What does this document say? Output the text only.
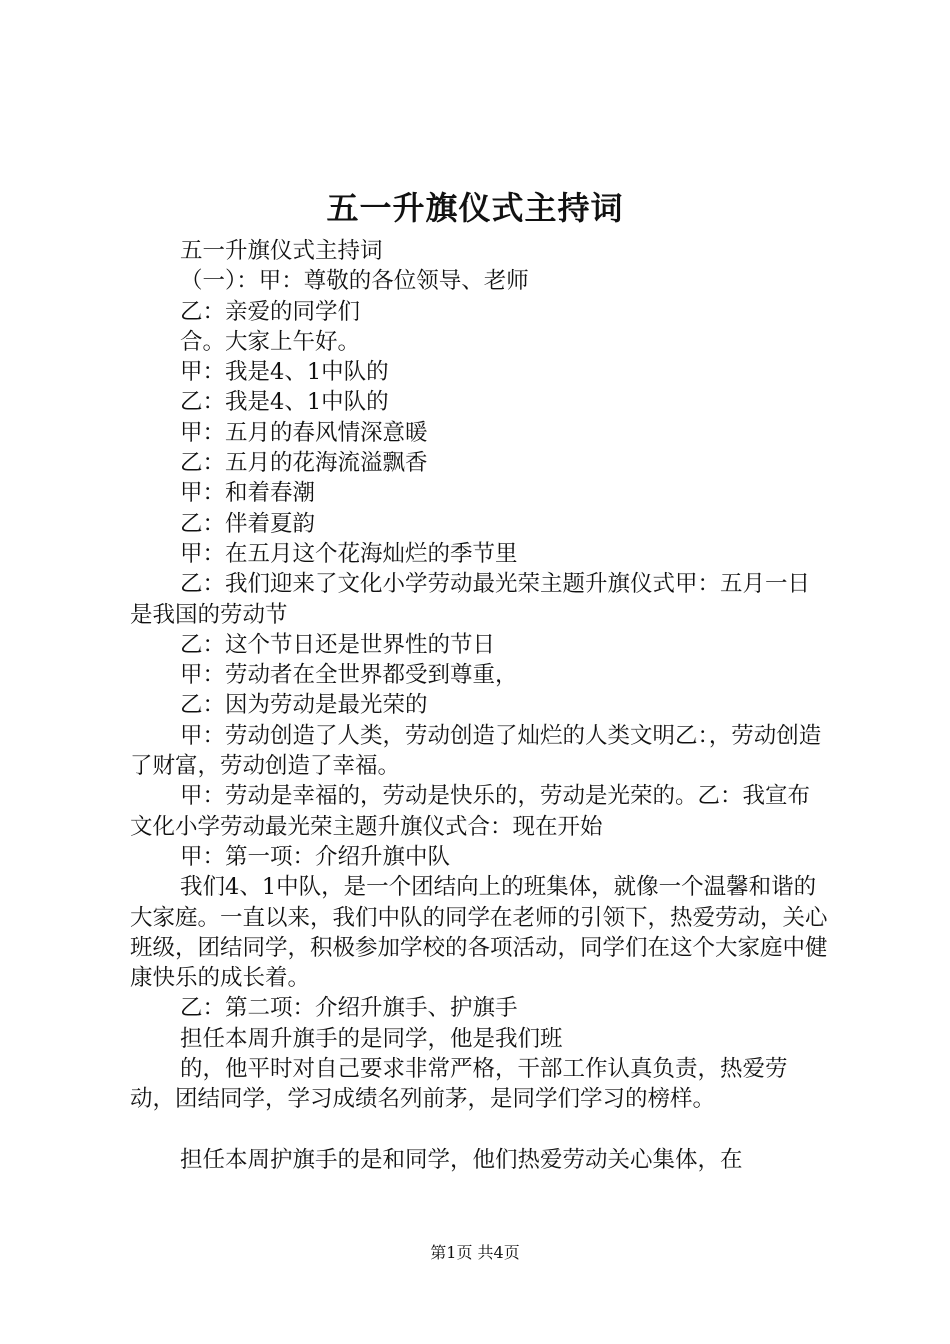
五一升旗仪式主持词

五一升旗仪式主持词

（一）：甲：尊敬的各位领导、老师

乙：亲爱的同学们

合。大家上午好。

甲：我是4、1中队的

乙：我是4、1中队的

甲：五月的春风情深意暖

乙：五月的花海流溢飘香

甲：和着春潮

乙：伴着夏韵

甲：在五月这个花海灿烂的季节里

乙：我们迎来了文化小学劳动最光荣主题升旗仪式甲：五月一日是我国的劳动节

乙：这个节日还是世界性的节日

甲：劳动者在全世界都受到尊重，

乙：因为劳动是最光荣的

甲：劳动创造了人类，劳动创造了灿烂的人类文明乙：，劳动创造了财富，劳动创造了幸福。

甲：劳动是幸福的，劳动是快乐的，劳动是光荣的。乙：我宣布文化小学劳动最光荣主题升旗仪式合：现在开始

甲：第一项：介绍升旗中队

我们4、1中队，是一个团结向上的班集体，就像一个温馨和谐的大家庭。一直以来，我们中队的同学在老师的引领下，热爱劳动，关心班级，团结同学，积极参加学校的各项活动，同学们在这个大家庭中健康快乐的成长着。

乙：第二项：介绍升旗手、护旗手

担任本周升旗手的是同学，他是我们班

的，他平时对自己要求非常严格，干部工作认真负责，热爱劳动，团结同学，学习成绩名列前茅，是同学们学习的榜样。

担任本周护旗手的是和同学，他们热爱劳动关心集体，在

第1页 共4页
